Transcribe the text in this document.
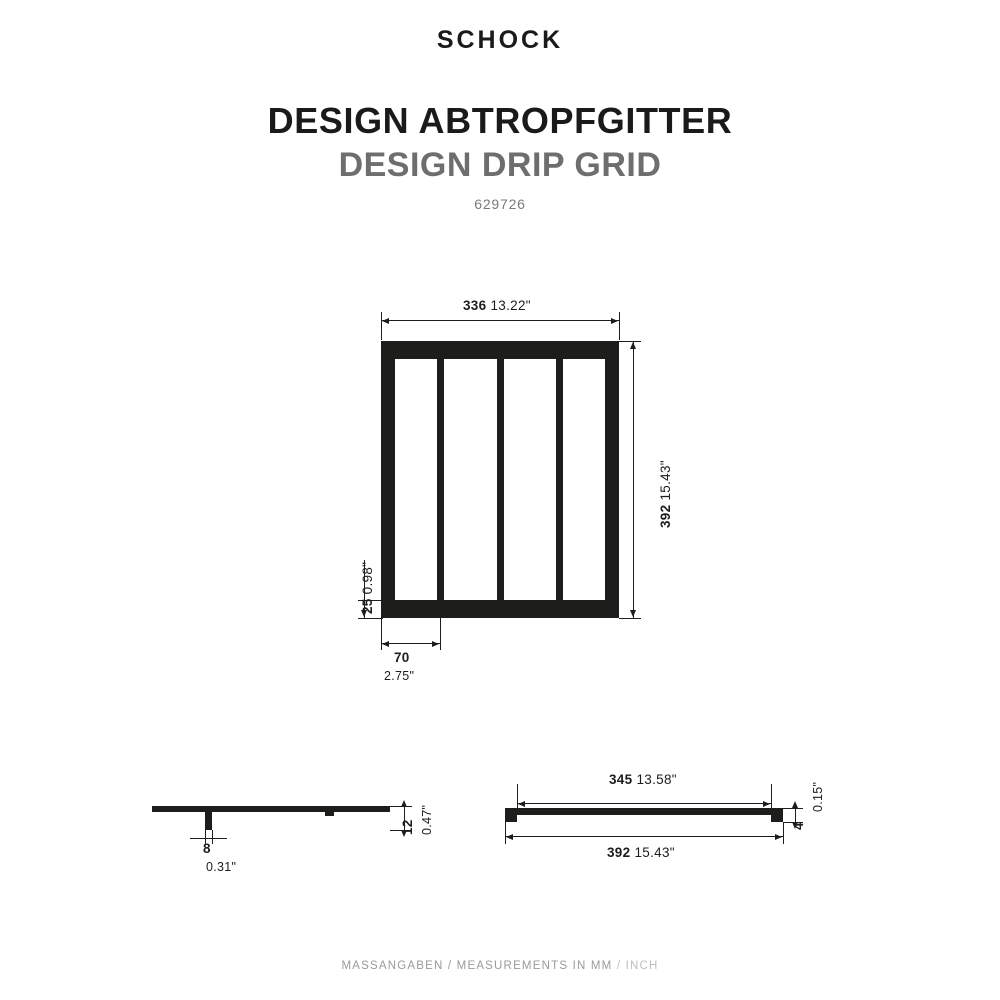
SCHOCK
DESIGN ABTROPFGITTER
DESIGN DRIP GRID
629726
336 13.22"
392 15.43"
25 0.98"
70
2.75"
12 0.47"
8
0.31"
345 13.58"
4
0.15"
392 15.43"
MASSANGABEN / MEASUREMENTS IN MM / INCH
